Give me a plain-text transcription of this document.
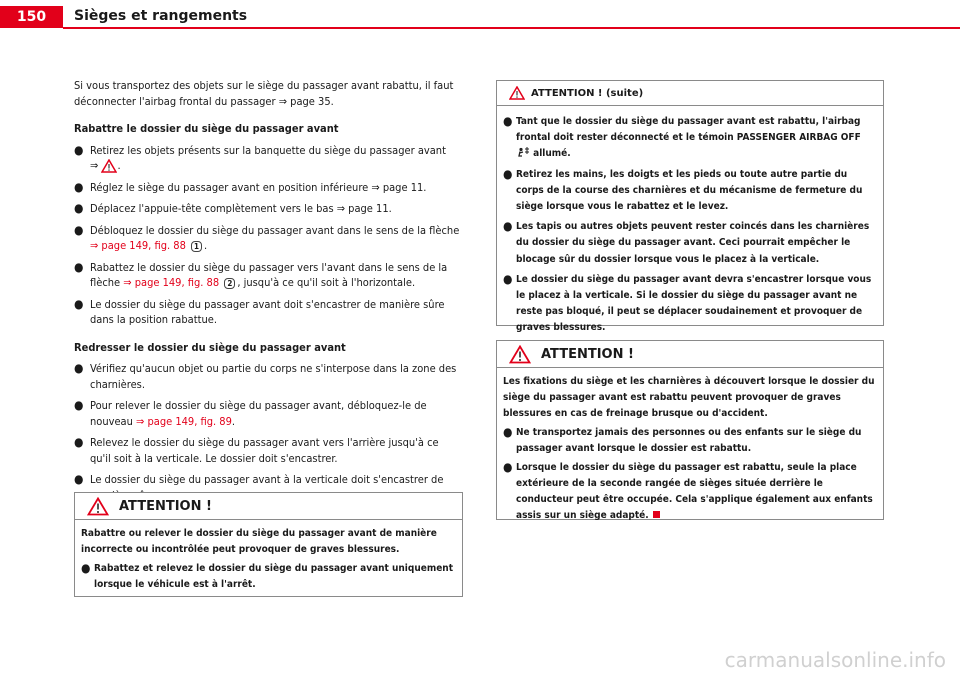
150	Sièges et rangements

Si vous transportez des objets sur le siège du passager avant rabattu, il faut déconnecter l'airbag frontal du passager ⇒ page 35.

Rabattre le dossier du siège du passager avant

● Retirez les objets présents sur la banquette du siège du passager avant
⇒ .
● Réglez le siège du passager avant en position inférieure ⇒ page 11.
● Déplacez l'appuie-tête complètement vers le bas ⇒ page 11.
● Débloquez le dossier du siège du passager avant dans le sens de la flèche ⇒ page 149, fig. 88 1 .
● Rabattez le dossier du siège du passager vers l'avant dans le sens de la flèche ⇒ page 149, fig. 88 2 , jusqu'à ce qu'il soit à l'horizontale.
● Le dossier du siège du passager avant doit s'encastrer de manière sûre dans la position rabattue.

Redresser le dossier du siège du passager avant

● Vérifiez qu'aucun objet ou partie du corps ne s'interpose dans la zone des charnières.
● Pour relever le dossier du siège du passager avant, débloquez-le de nouveau ⇒ page 149, fig. 89.
● Relevez le dossier du siège du passager avant vers l'arrière jusqu'à ce qu'il soit à la verticale. Le dossier doit s'encastrer.
● Le dossier du siège du passager avant à la verticale doit s'encastrer de
ATTENTION !

Rabattre ou relever le dossier du siège du passager avant de manière incorrecte ou incontrôlée peut provoquer de graves blessures.

● Rabattez et relevez le dossier du siège du passager avant uniquement lorsque le véhicule est à l'arrêt.
ATTENTION ! (suite)
● Tant que le dossier du siège du passager avant est rabattu, l'airbag frontal doit rester déconnecté et le témoin PASSENGER AIRBAG OFF  allumé.
● Retirez les mains, les doigts et les pieds ou toute autre partie du corps de la course des charnières et du mécanisme de fermeture du siège lorsque vous le rabattez et le levez.
● Les tapis ou autres objets peuvent rester coincés dans les charnières du dossier du siège du passager avant. Ceci pourrait empêcher le blocage sûr du dossier lorsque vous le placez à la verticale.
● Le dossier du siège du passager avant devra s'encastrer lorsque vous le placez à la verticale. Si le dossier du siège du passager avant ne reste pas bloqué, il peut se déplacer soudainement et provoquer de graves blessures.
ATTENTION !

Les fixations du siège et les charnières à découvert lorsque le dossier du siège du passager avant est rabattu peuvent provoquer de graves blessures en cas de freinage brusque ou d'accident.

● Ne transportez jamais des personnes ou des enfants sur le siège du passager avant lorsque le dossier est rabattu.
● Lorsque le dossier du siège du passager est rabattu, seule la place extérieure de la seconde rangée de sièges située derrière le conducteur peut être occupée. Cela s'applique également aux enfants assis sur un siège adapté.
carmanualsonline.info
